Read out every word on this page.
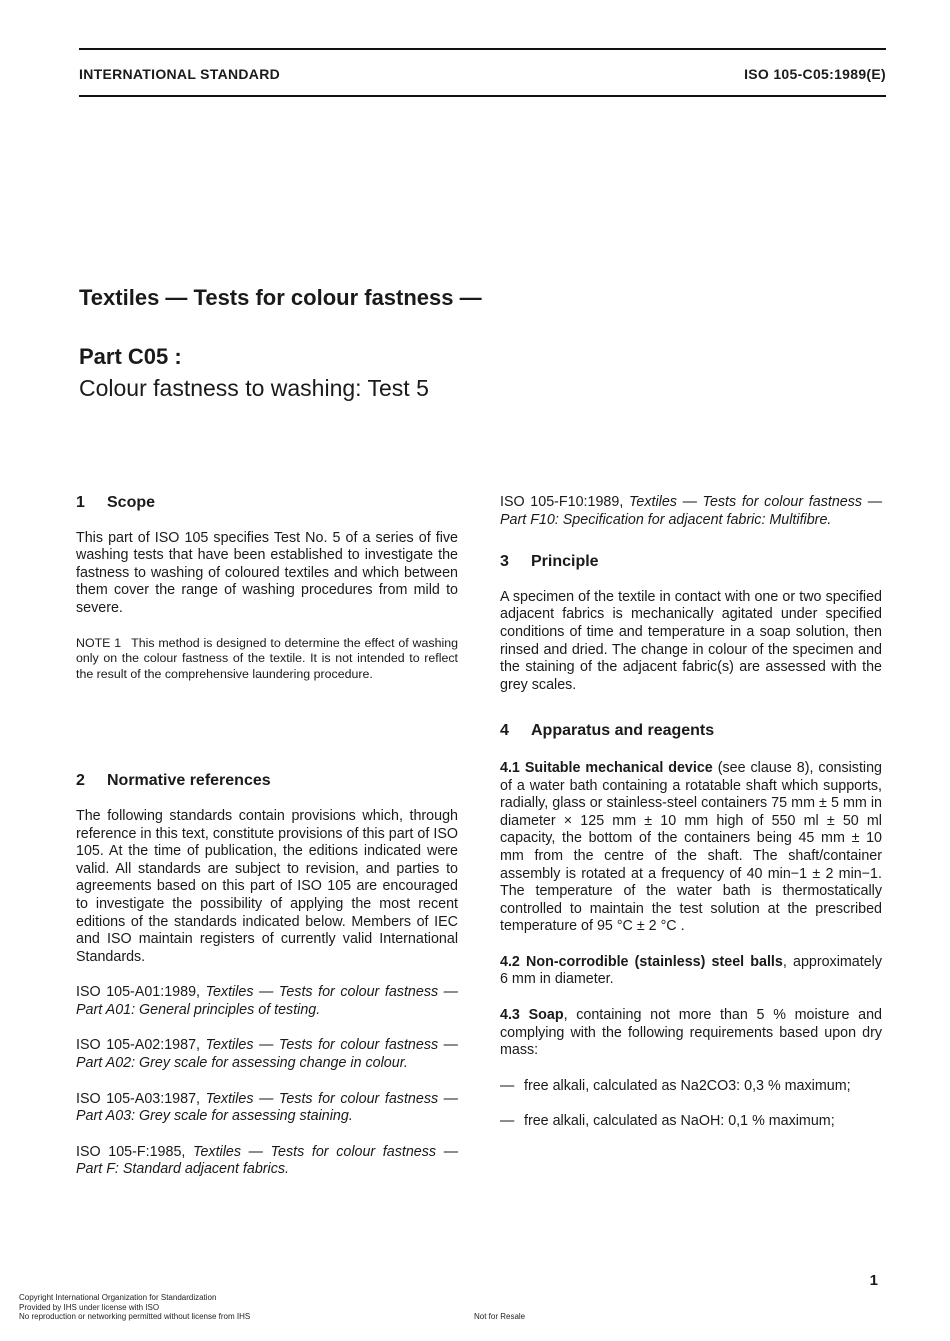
INTERNATIONAL STANDARD	ISO 105-C05:1989(E)
Textiles — Tests for colour fastness —
Part C05 :
Colour fastness to washing: Test 5
1 Scope

This part of ISO 105 specifies Test No. 5 of a series of five washing tests that have been established to investigate the fastness to washing of coloured textiles and which between them cover the range of washing procedures from mild to severe.

NOTE 1 This method is designed to determine the effect of washing only on the colour fastness of the textile. It is not intended to reflect the result of the comprehensive laundering procedure.
2 Normative references

The following standards contain provisions which, through reference in this text, constitute provisions of this part of ISO 105. At the time of publication, the editions indicated were valid. All standards are subject to revision, and parties to agreements based on this part of ISO 105 are encouraged to investigate the possibility of applying the most recent editions of the standards indicated below. Members of IEC and ISO maintain registers of currently valid International Standards.

ISO 105-A01:1989, Textiles — Tests for colour fastness — Part A01: General principles of testing.

ISO 105-A02:1987, Textiles — Tests for colour fastness — Part A02: Grey scale for assessing change in colour.

ISO 105-A03:1987, Textiles — Tests for colour fastness — Part A03: Grey scale for assessing staining.

ISO 105-F:1985, Textiles — Tests for colour fastness — Part F: Standard adjacent fabrics.

ISO 105-F10:1989, Textiles — Tests for colour fastness — Part F10: Specification for adjacent fabric: Multifibre.

3 Principle

A specimen of the textile in contact with one or two specified adjacent fabrics is mechanically agitated under specified conditions of time and temperature in a soap solution, then rinsed and dried. The change in colour of the specimen and the staining of the adjacent fabric(s) are assessed with the grey scales.

4 Apparatus and reagents

4.1 Suitable mechanical device (see clause 8), consisting of a water bath containing a rotatable shaft which supports, radially, glass or stainless-steel containers 75 mm ± 5 mm in diameter × 125 mm ± 10 mm high of 550 ml ± 50 ml capacity, the bottom of the containers being 45 mm ± 10 mm from the centre of the shaft. The shaft/container assembly is rotated at a frequency of 40 min−1 ± 2 min−1. The temperature of the water bath is thermostatically controlled to maintain the test solution at the prescribed temperature of 95 °C ± 2 °C .

4.2 Non-corrodible (stainless) steel balls, approximately 6 mm in diameter.

4.3 Soap, containing not more than 5 % moisture and complying with the following requirements based upon dry mass:

— free alkali, calculated as Na2CO3: 0,3 % maximum;
— free alkali, calculated as NaOH: 0,1 % maximum;
1
Copyright International Organization for Standardization
Provided by IHS under license with ISO
No reproduction or networking permitted without license from IHS	Not for Resale
